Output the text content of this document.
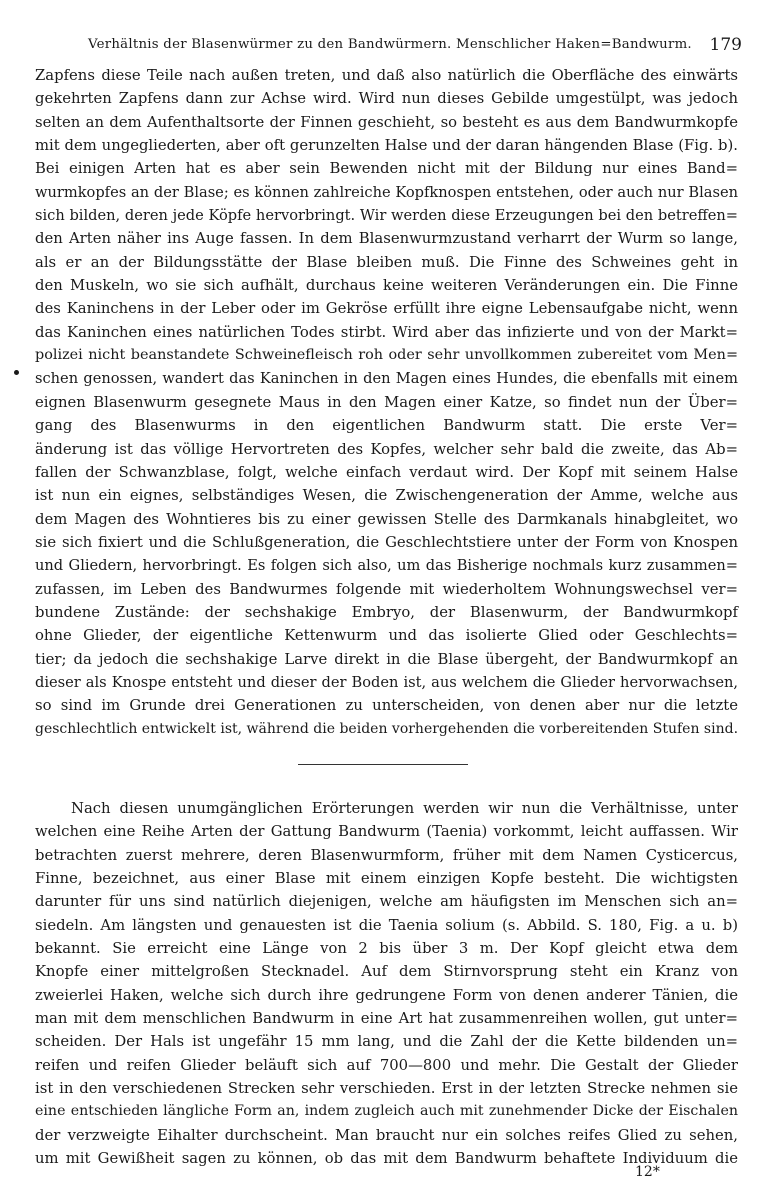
Verhältnis der Blasenwürmer zu den Bandwürmern. Menschlicher Haken=Bandwurm. 179
Zapfens diese Teile nach außen treten, und daß also natürlich die Oberfläche des einwärts
gekehrten Zapfens dann zur Achse wird. Wird nun dieses Gebilde umgestülpt, was jedoch
selten an dem Aufenthaltsorte der Finnen geschieht, so besteht es aus dem Bandwurmkopfe
mit dem ungegliederten, aber oft gerunzelten Halse und der daran hängenden Blase (Fig. b).
Bei einigen Arten hat es aber sein Bewenden nicht mit der Bildung nur eines Band=
wurmkopfes an der Blase; es können zahlreiche Kopfknospen entstehen, oder auch nur Blasen
sich bilden, deren jede Köpfe hervorbringt. Wir werden diese Erzeugungen bei den betreffen=
den Arten näher ins Auge fassen. In dem Blasenwurmzustand verharrt der Wurm so lange,
als er an der Bildungsstätte der Blase bleiben muß. Die Finne des Schweines geht in
den Muskeln, wo sie sich aufhält, durchaus keine weiteren Veränderungen ein. Die Finne
des Kaninchens in der Leber oder im Gekröse erfüllt ihre eigne Lebensaufgabe nicht, wenn
das Kaninchen eines natürlichen Todes stirbt. Wird aber das infizierte und von der Markt=
polizei nicht beanstandete Schweinefleisch roh oder sehr unvollkommen zubereitet vom Men=
schen genossen, wandert das Kaninchen in den Magen eines Hundes, die ebenfalls mit einem
eignen Blasenwurm gesegnete Maus in den Magen einer Katze, so findet nun der Über=
gang des Blasenwurms in den eigentlichen Bandwurm statt. Die erste Ver=
änderung ist das völlige Hervortreten des Kopfes, welcher sehr bald die zweite, das Ab=
fallen der Schwanzblase, folgt, welche einfach verdaut wird. Der Kopf mit seinem Halse
ist nun ein eignes, selbständiges Wesen, die Zwischengeneration der Amme, welche aus
dem Magen des Wohntieres bis zu einer gewissen Stelle des Darmkanals hinabgleitet, wo
sie sich fixiert und die Schlußgeneration, die Geschlechtstiere unter der Form von Knospen
und Gliedern, hervorbringt. Es folgen sich also, um das Bisherige nochmals kurz zusammen=
zufassen, im Leben des Bandwurmes folgende mit wiederholtem Wohnungswechsel ver=
bundene Zustände: der sechshakige Embryo, der Blasenwurm, der Bandwurmkopf
ohne Glieder, der eigentliche Kettenwurm und das isolierte Glied oder Geschlechts=
tier; da jedoch die sechshakige Larve direkt in die Blase übergeht, der Bandwurmkopf an
dieser als Knospe entsteht und dieser der Boden ist, aus welchem die Glieder hervorwachsen,
so sind im Grunde drei Generationen zu unterscheiden, von denen aber nur die letzte
geschlechtlich entwickelt ist, während die beiden vorhergehenden die vorbereitenden Stufen sind.
Nach diesen unumgänglichen Erörterungen werden wir nun die Verhältnisse, unter
welchen eine Reihe Arten der Gattung Bandwurm (Taenia) vorkommt, leicht auffassen. Wir
betrachten zuerst mehrere, deren Blasenwurmform, früher mit dem Namen Cysticercus,
Finne, bezeichnet, aus einer Blase mit einem einzigen Kopfe besteht. Die wichtigsten
darunter für uns sind natürlich diejenigen, welche am häufigsten im Menschen sich an=
siedeln. Am längsten und genauesten ist die Taenia solium (s. Abbild. S. 180, Fig. a u. b)
bekannt. Sie erreicht eine Länge von 2 bis über 3 m. Der Kopf gleicht etwa dem
Knopfe einer mittelgroßen Stecknadel. Auf dem Stirnvorsprung steht ein Kranz von
zweierlei Haken, welche sich durch ihre gedrungene Form von denen anderer Tänien, die
man mit dem menschlichen Bandwurm in eine Art hat zusammenreihen wollen, gut unter=
scheiden. Der Hals ist ungefähr 15 mm lang, und die Zahl der die Kette bildenden un=
reifen und reifen Glieder beläuft sich auf 700—800 und mehr. Die Gestalt der Glieder
ist in den verschiedenen Strecken sehr verschieden. Erst in der letzten Strecke nehmen sie
eine entschieden längliche Form an, indem zugleich auch mit zunehmender Dicke der Eischalen
der verzweigte Eihalter durchscheint. Man braucht nur ein solches reifes Glied zu sehen,
um mit Gewißheit sagen zu können, ob das mit dem Bandwurm behaftete Individuum die
12*
